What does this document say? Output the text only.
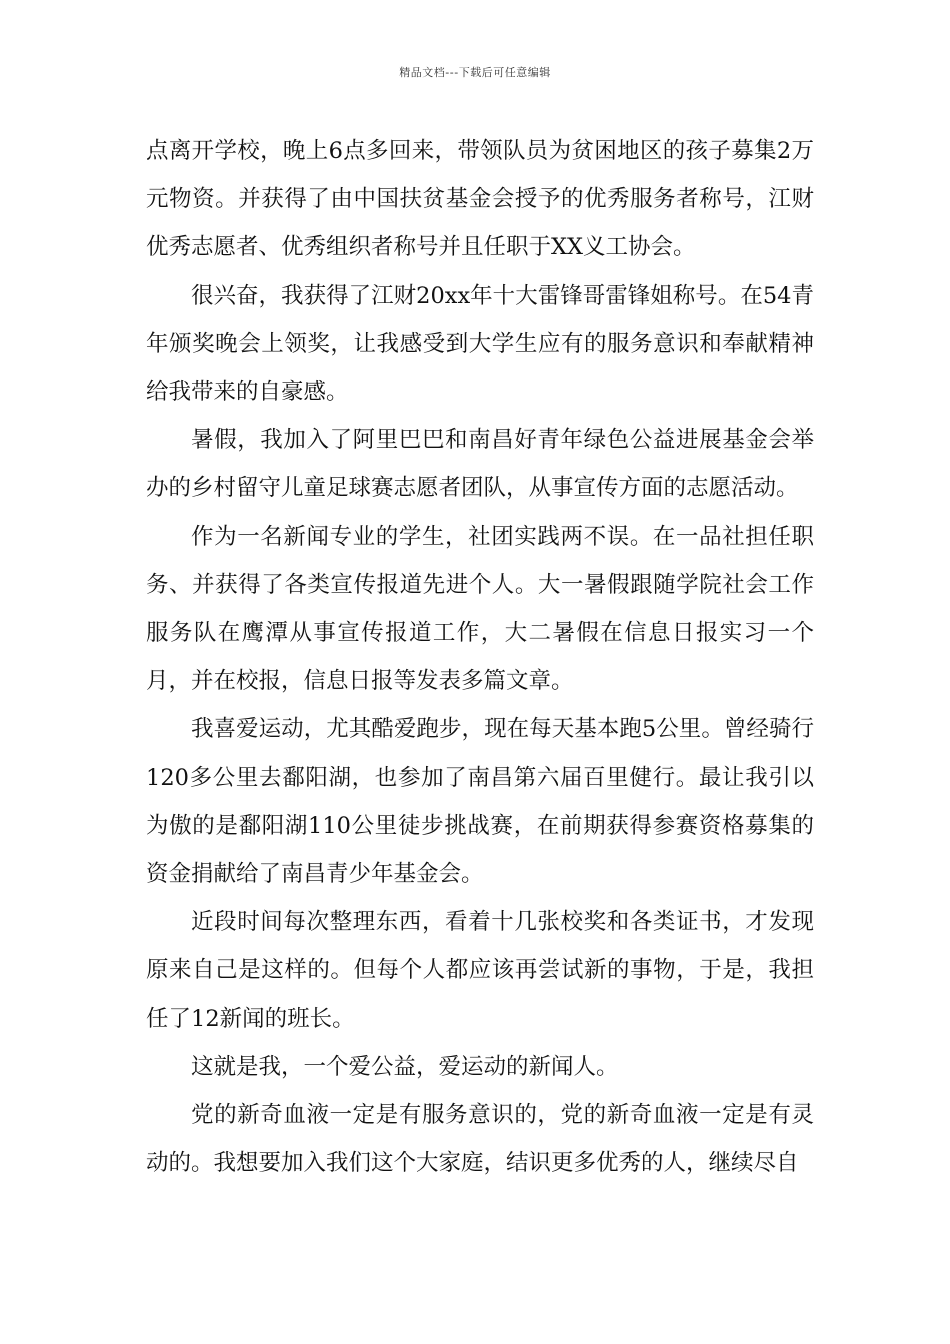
精品文档---下载后可任意编辑

点离开学校，晚上6点多回来，带领队员为贫困地区的孩子募集2万元物资。并获得了由中国扶贫基金会授予的优秀服务者称号，江财优秀志愿者、优秀组织者称号并且任职于XX义工协会。

很兴奋，我获得了江财20xx年十大雷锋哥雷锋姐称号。在54青年颁奖晚会上领奖，让我感受到大学生应有的服务意识和奉献精神给我带来的自豪感。

暑假，我加入了阿里巴巴和南昌好青年绿色公益进展基金会举办的乡村留守儿童足球赛志愿者团队，从事宣传方面的志愿活动。

作为一名新闻专业的学生，社团实践两不误。在一品社担任职务、并获得了各类宣传报道先进个人。大一暑假跟随学院社会工作服务队在鹰潭从事宣传报道工作，大二暑假在信息日报实习一个月，并在校报，信息日报等发表多篇文章。

我喜爱运动，尤其酷爱跑步，现在每天基本跑5公里。曾经骑行120多公里去鄱阳湖，也参加了南昌第六届百里健行。最让我引以为傲的是鄱阳湖110公里徒步挑战赛，在前期获得参赛资格募集的资金捐献给了南昌青少年基金会。

近段时间每次整理东西，看着十几张校奖和各类证书，才发现原来自己是这样的。但每个人都应该再尝试新的事物，于是，我担任了12新闻的班长。

这就是我，一个爱公益，爱运动的新闻人。

党的新奇血液一定是有服务意识的，党的新奇血液一定是有灵动的。我想要加入我们这个大家庭，结识更多优秀的人，继续尽自
